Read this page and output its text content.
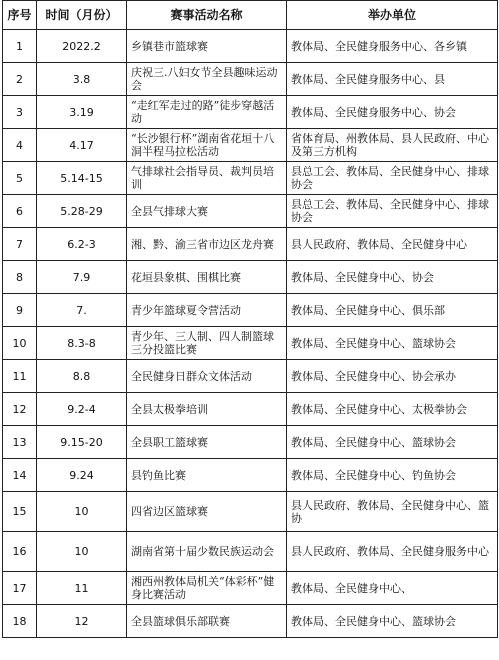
序号	时间（月份）	赛事活动名称	举办单位
1	2022.2	乡镇巷市篮球赛	教体局、全民健身服务中心、各乡镇
2	3.8	庆祝三.八妇女节全县趣味运动会	教体局、全民健身服务中心、县
3	3.19	“走红军走过的路”徒步穿越活动	教体局、全民健身服务中心、协会
4	4.17	“长沙银行杯”湖南省花垣十八洞半程马拉松活动	省体育局、州教体局、县人民政府、中心及第三方机构
5	5.14-15	气排球社会指导员、裁判员培训	县总工会、教体局、全民健身中心、排球协会
6	5.28-29	全县气排球大赛	县总工会、教体局、全民健身中心、排球协会
7	6.2-3	湘、黔、渝三省市边区龙舟赛	县人民政府、教体局、全民健身中心
8	7.9	花垣县象棋、围棋比赛	教体局、全民健身中心、协会
9	7.	青少年篮球夏令营活动	教体局、全民健身中心、俱乐部
10	8.3-8	青少年、三人制、四人制篮球三分投篮比赛	教体局、全民健身中心、篮球协会
11	8.8	全民健身日群众文体活动	教体局、全民健身中心、协会承办
12	9.2-4	全县太极拳培训	教体局、全民健身中心、太极拳协会
13	9.15-20	全县职工篮球赛	教体局、全民健身中心、篮球协会
14	9.24	县钓鱼比赛	教体局、全民健身中心、钓鱼协会
15	10	四省边区篮球赛	县人民政府、教体局、全民健身中心、篮协
16	10	湖南省第十届少数民族运动会	县人民政府、教体局、全民健身服务中心
17	11	湘西州教体局机关“体彩杯”健身比赛活动	教体局、全民健身中心、
18	12	全县篮球俱乐部联赛	教体局、全民健身中心、篮球协会
